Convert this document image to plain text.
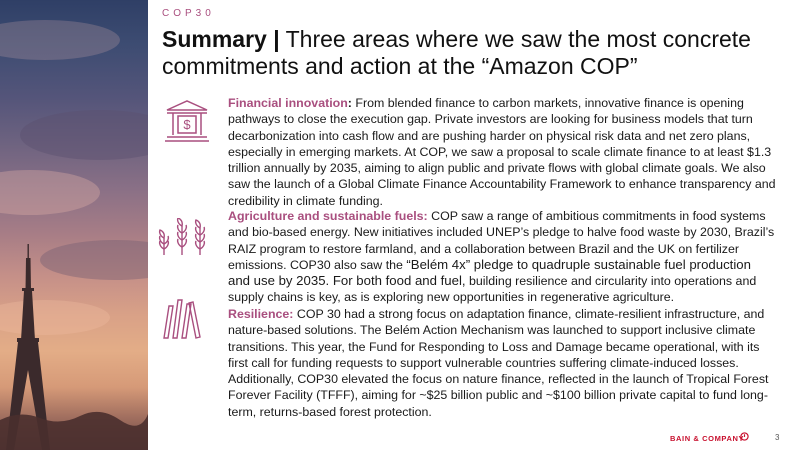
COP30
Summary | Three areas where we saw the most concrete commitments and action at the “Amazon COP”
$
Financial innovation: From blended finance to carbon markets, innovative finance is opening pathways to close the execution gap. Private investors are looking for business models that turn decarbonization into cash flow and are pushing harder on physical risk data and net zero plans, especially in emerging markets. At COP, we saw a proposal to scale climate finance to at least $1.3 trillion annually by 2035, aiming to align public and private flows with global climate goals. We also saw the launch of a Global Climate Finance Accountability Framework to enhance transparency and credibility in climate funding.
Agriculture and sustainable fuels: COP saw a range of ambitious commitments in food systems and bio-based energy. New initiatives included UNEP’s pledge to halve food waste by 2030, Brazil’s RAIZ program to restore farmland, and a collaboration between Brazil and the UK on fertilizer emissions. COP30 also saw the “Belém 4x” pledge to quadruple sustainable fuel production and use by 2035. For both food and fuel, building resilience and circularity into operations and supply chains is key, as is exploring new opportunities in regenerative agriculture.
Resilience: COP 30 had a strong focus on adaptation finance, climate-resilient infrastructure, and nature-based solutions. The Belém Action Mechanism was launched to support inclusive climate transitions. This year, the Fund for Responding to Loss and Damage became operational, with its first call for funding requests to support vulnerable countries suffering climate-induced losses. Additionally, COP30 elevated the focus on nature finance, reflected in the launch of Tropical Forest Forever Facility (TFFF), aiming for ~$25 billion public and ~$100 billion private capital to fund long-term, returns-based forest protection.
BAIN & COMPANY	3
